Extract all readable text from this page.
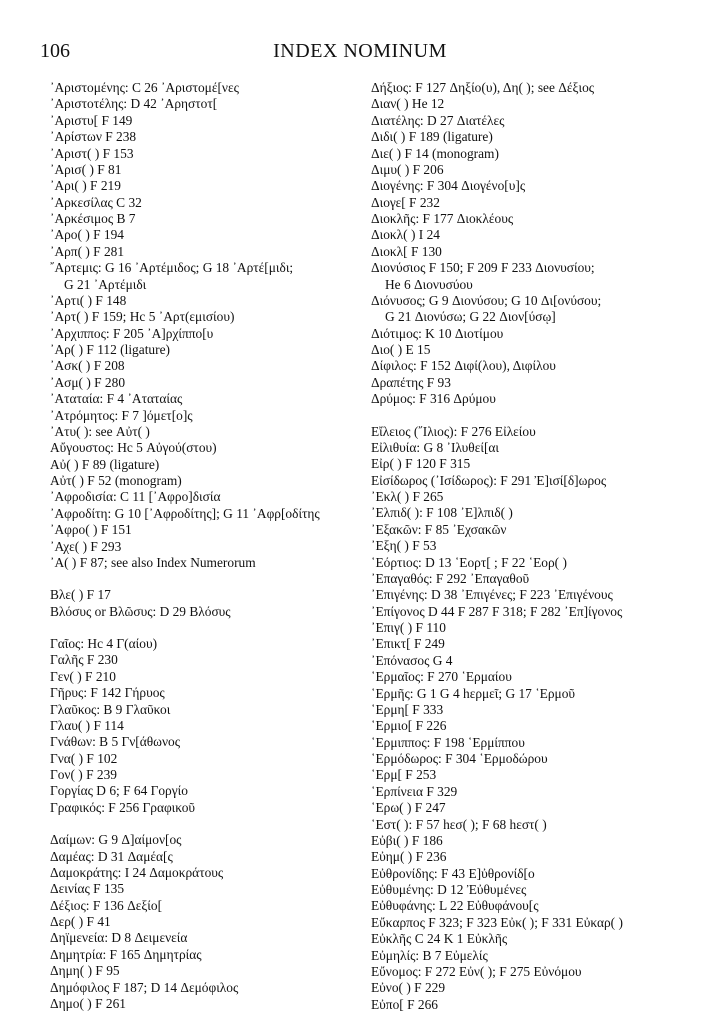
106	INDEX NOMINUM
᾿Αριστομένης: C 26 ᾿Αριστομέ[νες
᾿Αριστοτέλης: D 42 ᾿Αρηστοτ[
᾿Αριστυ[ F 149
᾿Αρίστων F 238
᾿Αριστ( ) F 153
᾿Αρισ( ) F 81
᾿Αρι( ) F 219
᾿Αρκεσίλας C 32
᾿Αρκέσιμος B 7
᾿Αρο( ) F 194
᾿Αρπ( ) F 281
῎Αρτεμις: G 16 ᾿Αρτέμιδος; G 18 ᾿Αρτέ[μιδι;
G 21 ᾿Αρτέμιδι
᾿Αρτι( ) F 148
᾿Αρτ( ) F 159; Hc 5 ᾿Αρτ(εμισίου)
᾿Αρχιππος: F 205 ᾿Α]ρχίππο[υ
᾿Αρ( ) F 112 (ligature)
᾿Ασκ( ) F 208
᾿Ασμ( ) F 280
᾿Αταταία: F 4 ᾿Αταταίας
᾿Ατρόμητος: F 7 ]όμετ[ο]ς
᾿Ατυ( ): see Αὐτ( )
Αὔγουστος: Hc 5 Αὐγού(στου)
Αὐ( ) F 89 (ligature)
Αὐτ( ) F 52 (monogram)
᾿Αφροδισία: C 11 [᾿Αφρο]δισία
᾿Αφροδίτη: G 10 [᾿Αφροδίτης]; G 11 ᾿Αφρ[οδίτης
᾿Αφρο( ) F 151
᾿Αχε( ) F 293
᾿Α( ) F 87; see also Index Numerorum
Βλε( ) F 17
Βλόσυς or Βλῶσυς: D 29 Βλόσυς
Γαῖος: Hc 4 Γ(αίου)
Γαλῆς F 230
Γεν( ) F 210
Γῆρυς: F 142 Γήρυος
Γλαῦκος: B 9 Γλαῦκοι
Γλαυ( ) F 114
Γνάθων: B 5 Γν[άθωνος
Γνα( ) F 102
Γον( ) F 239
Γοργίας D 6; F 64 Γοργίο
Γραφικός: F 256 Γραφικοῦ
Δαίμων: G 9 Δ]αίμον[ος
Δαμέας: D 31 Δαμέα[ς
Δαμοκράτης: I 24 Δαμοκράτους
Δεινίας F 135
Δέξιος: F 136 Δεξίο[
Δερ( ) F 41
Δηϊμενεία: D 8 Δειμενεία
Δημητρία: F 165 Δημητρίας
Δημη( ) F 95
Δημόφιλος F 187; D 14 Δεμόφιλος
Δημο( ) F 261
Δήξιος: F 127 Δηξίο(υ), Δη( ); see Δέξιος
Διαν( ) He 12
Διατέλης: D 27 Διατέλες
Διδι( ) F 189 (ligature)
Διε( ) F 14 (monogram)
Διμυ( ) F 206
Διογένης: F 304 Διογένο[υ]ς
Διογε[ F 232
Διοκλῆς: F 177 Διοκλέους
Διοκλ( ) I 24
Διοκλ[ F 130
Διονύσιος F 150; F 209 F 233 Διονυσίου;
He 6 Διονυσύου
Διόνυσος; G 9 Διονύσου; G 10 Δι[ονύσου;
G 21 Διονύσω; G 22 Διον[ύσῳ]
Διότιμος: K 10 Διοτίμου
Διο( ) E 15
Δίφιλος: F 152 Διφί(λου), Διφίλου
Δραπέτης F 93
Δρύμος: F 316 Δρύμου
Εἴλειος (῎Ιλιος): F 276 Εἰλείου
Εἰλιθυία: G 8 ᾿Ιλυθεί[αι
Εἰρ( ) F 120 F 315
Εἰσίδωρος (᾿Ισίδωρος): F 291 Ἐ]ισί[δ]ωρος
᾿Εκλ( ) F 265
᾿Ελπιδ( ): F 108 ᾿Ε]λπιδ( )
᾿Εξακῶν: F 85 ᾿Εχσακῶν
᾿Εξη( ) F 53
῾Εόρτιος: D 13 ῾Εορτ[ ; F 22 ῾Εορ( )
᾿Επαγαθός: F 292 ᾿Επαγαθοῦ
᾿Επιγένης: D 38 ᾿Επιγένες; F 223 ᾿Επιγένους
᾿Επίγονος D 44 F 287 F 318; F 282 ᾿Επ]ίγονος
᾿Επιγ( ) F 110
᾿Επικτ[ F 249
᾿Επόνασος G 4
῾Ερμαῖος: F 270 ῾Ερμαίου
῾Ερμῆς: G 1 G 4 hερμεῖ; G 17 ῾Ερμοῦ
῾Ερμη[ F 333
῾Ερμιο[ F 226
῾Ερμιππος: F 198 ῾Ερμίππου
῾Ερμόδωρος: F 304 ῾Ερμοδώρου
῾Ερμ[ F 253
῾Ερπίνεια F 329
῾Ερω( ) F 247
῾Εστ( ): F 57 hεσ( ); F 68 hεστ( )
Εὐβι( ) F 186
Εὐημ( ) F 236
Εὐθρονίδης: F 43 Ε]ὐθρονίδ[ο
Εὐθυμένης: D 12 Ἐὐθυμένες
Εὐθυφάνης: L 22 Εὐθυφάνου[ς
Εὔκαρπος F 323; F 323 Εὐκ( ); F 331 Εὐκαρ( )
Εὐκλῆς C 24 K 1 Εὐκλῆς
Εὐμηλίς: B 7 Εὐμελίς
Εὔνομος: F 272 Εὐν( ); F 275 Εὐνόμου
Εὐνο( ) F 229
Εὐπο[ F 266
